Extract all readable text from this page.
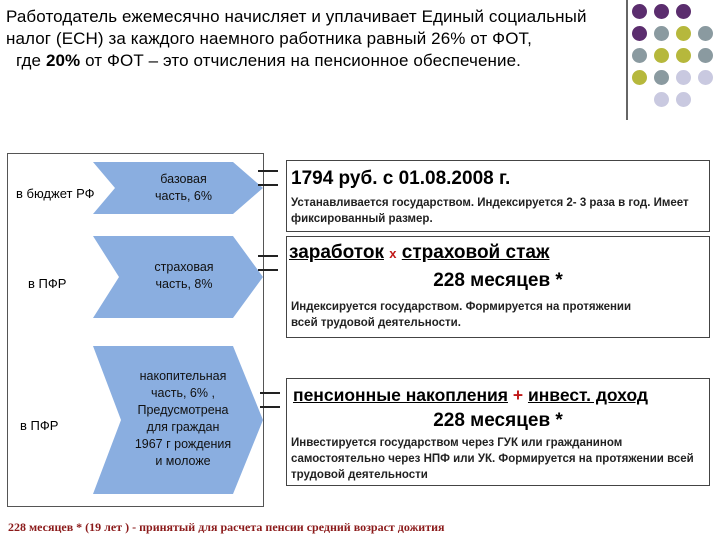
Работодатель ежемесячно начисляет и уплачивает Единый социальный

налог (ЕСН) за каждого наемного работника равный 26% от ФОТ,

где 20% от ФОТ – это отчисления на пенсионное обеспечение.

в бюджет РФ
в ПФР
в ПФР
базовая
часть, 6%
страховая
часть, 8%
накопительная
часть, 6% ,
Предусмотрена
для граждан
1967 г рождения
и моложе
1794 руб. с 01.08.2008 г.
Устанавливается государством. Индексируется 2- 3 раза в год. Имеет фиксированный размер.
заработок х страховой стаж
228 месяцев *
Индексируется государством. Формируется на протяжении всей трудовой деятельности.
пенсионные накопления + инвест. доход
228 месяцев *
Инвестируется государством через ГУК или гражданином самостоятельно через НПФ или УК. Формируется на протяжении всей трудовой деятельности
228 месяцев * (19 лет ) - принятый для расчета пенсии средний возраст дожития
